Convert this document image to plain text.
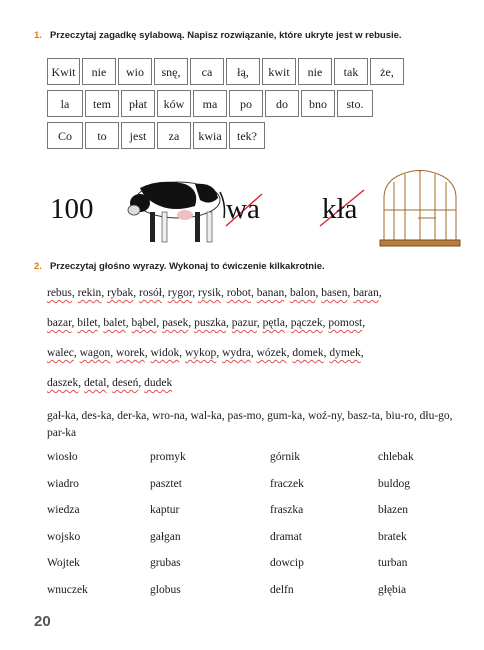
1. Przeczytaj zagadkę sylabową. Napisz rozwiązanie, które ukryte jest w rebusie.
Kwit	nie	wio	snę,	ca	łą,	kwit	nie	tak	że,
la	tem	płat	ków	ma	po	do	bno	sto.
Co	to	jest	za	kwia	tek?
100	wa kła
2. Przeczytaj głośno wyrazy. Wykonaj to ćwiczenie kilkakrotnie.
rebus, rekin, rybak, rosół, rygor, rysik, robot, banan, balon, basen, baran,
bazar, bilet, balet, bąbel, pasek, puszka, pazur, pętla, pączek, pomost,
walec, wagon, worek, widok, wykop, wydra, wózek, domek, dymek,
daszek, detal, deseń, dudek
gał-ka, des-ka, der-ka, wro-na, wal-ka, pas-mo, gum-ka, woź-ny, basz-ta, biu-ro, dłu-go, par-ka
wiosło	promyk	górnik	chlebak
wiadro	pasztet	fraczek	buldog
wiedza	kaptur	fraszka	błazen
wojsko	gałgan	dramat	bratek
Wojtek	grubas	dowcip	turban
wnuczek	globus	delfn	głębia
20
